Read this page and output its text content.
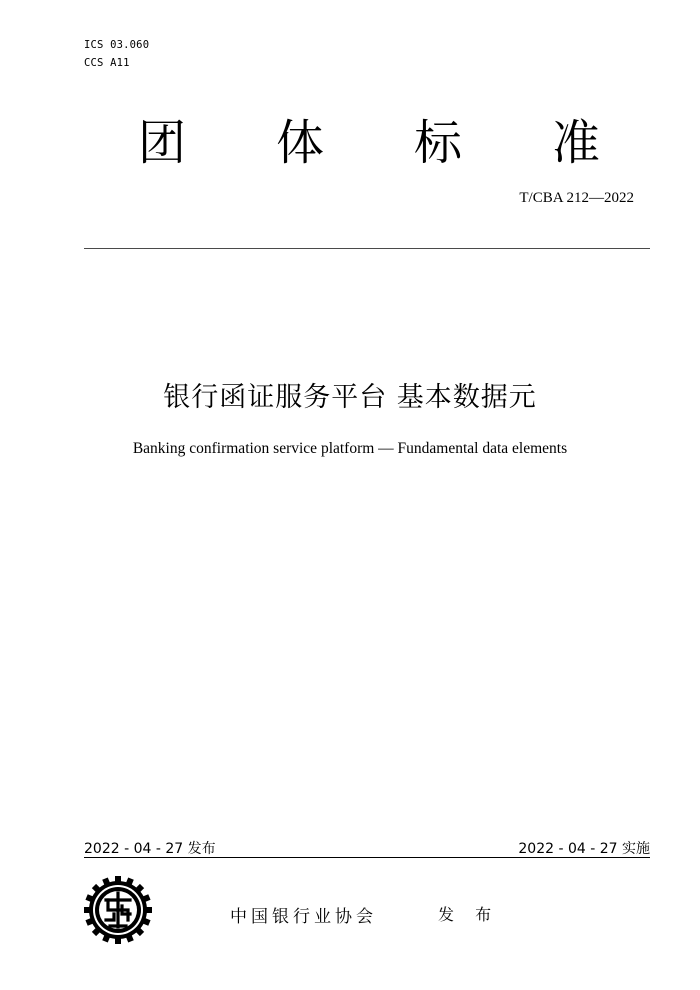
ICS 03.060
CCS A11
团 体 标 准
T/CBA 212—2022
银行函证服务平台 基本数据元
Banking confirmation service platform — Fundamental data elements
2022 - 04 - 27 发布	2022 - 04 - 27 实施
中国银行业协会	发 布
